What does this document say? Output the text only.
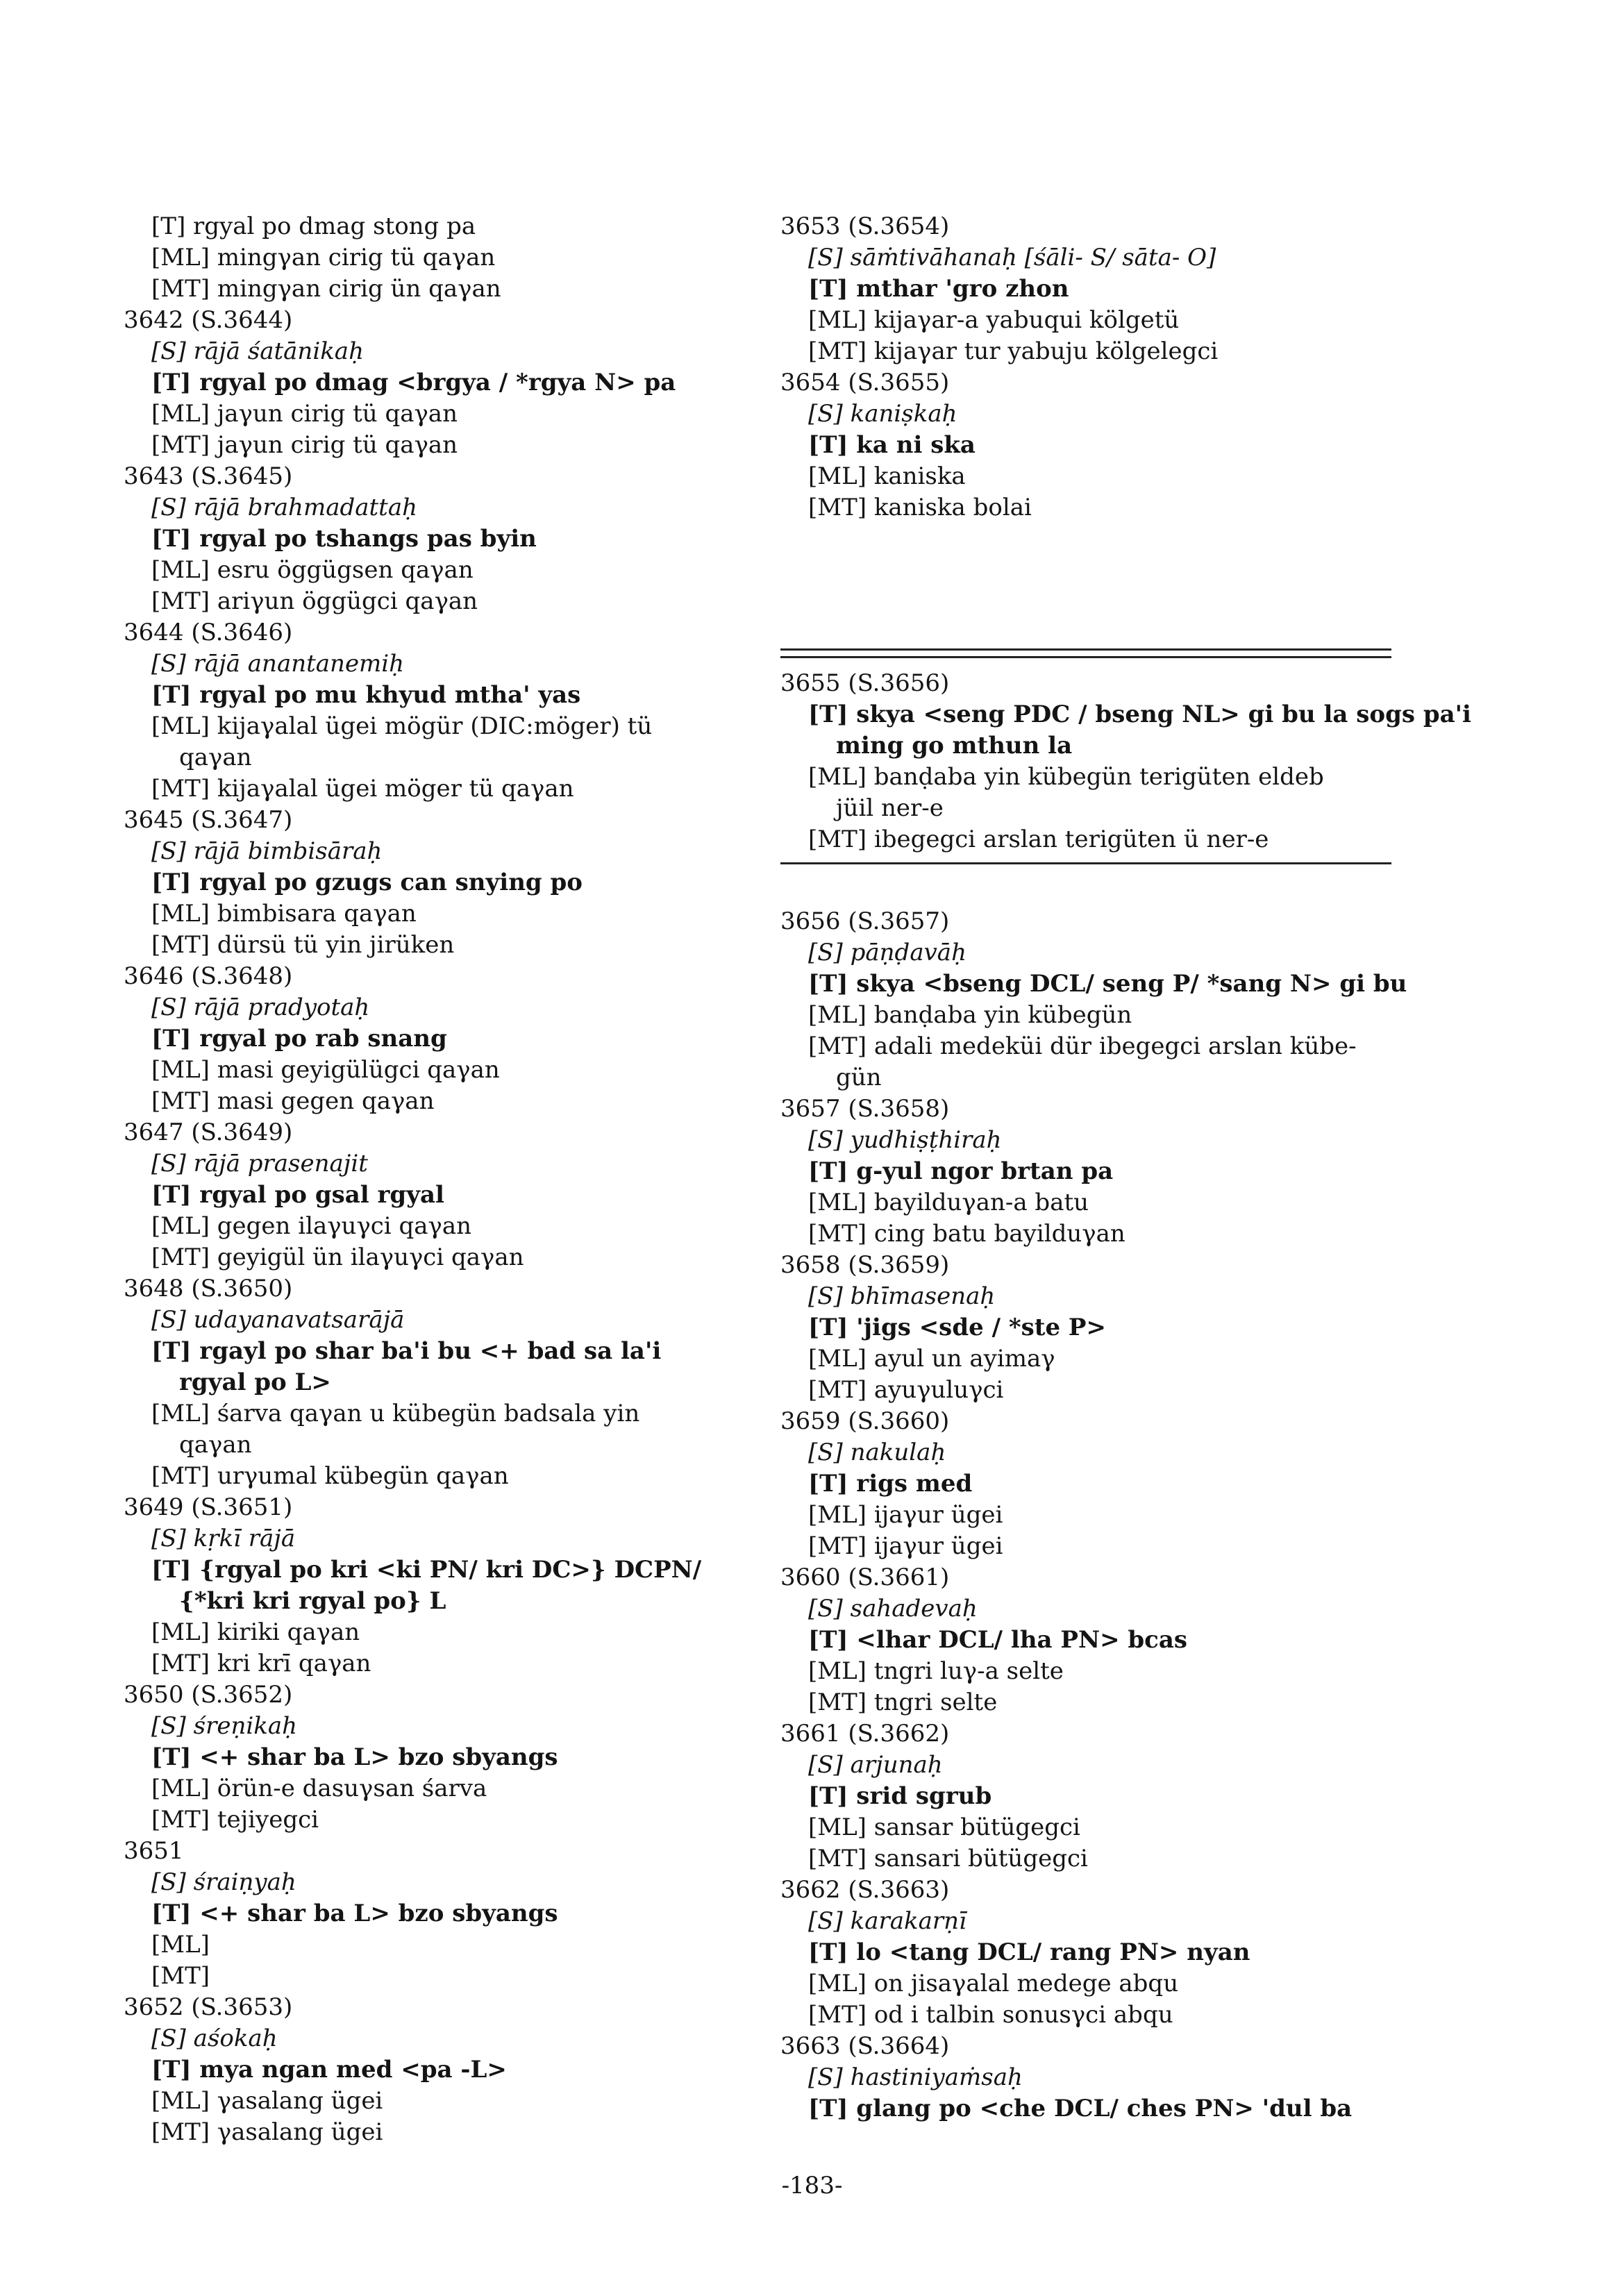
[T] rgyal po dmag stong pa
[ML] mingγan cirig tü qaγan
[MT] mingγan cirig ün qaγan
3642 (S.3644)
[S] rājā śatānikaḥ
[T] rgyal po dmag <brgya / *rgya N> pa
[ML] jaγun cirig tü qaγan
[MT] jaγun cirig tü qaγan
3643 (S.3645)
[S] rājā brahmadattaḥ
[T] rgyal po tshangs pas byin
[ML] esru öggügsen qaγan
[MT] ariγun öggügci qaγan
3644 (S.3646)
[S] rājā anantanemiḥ
[T] rgyal po mu khyud mtha' yas
[ML] kijaγalal ügei mögür (DIC:möger) tü
qaγan
[MT] kijaγalal ügei möger tü qaγan
3645 (S.3647)
[S] rājā bimbisāraḥ
[T] rgyal po gzugs can snying po
[ML] bimbisara qaγan
[MT] dürsü tü yin jirüken
3646 (S.3648)
[S] rājā pradyotaḥ
[T] rgyal po rab snang
[ML] masi geyigülügci qaγan
[MT] masi gegen qaγan
3647 (S.3649)
[S] rājā prasenajit
[T] rgyal po gsal rgyal
[ML] gegen ilaγuγci qaγan
[MT] geyigül ün ilaγuγci qaγan
3648 (S.3650)
[S] udayanavatsarājā
[T] rgayl po shar ba'i bu <+ bad sa la'i
rgyal po L>
[ML] śarva qaγan u kübegün badsala yin
qaγan
[MT] urγumal kübegün qaγan
3649 (S.3651)
[S] kṛkī rājā
[T] {rgyal po kri <ki PN/ kri DC>} DCPN/
{*kri kri rgyal po} L
[ML] kiriki qaγan
[MT] kri krī qaγan
3650 (S.3652)
[S] śreṇikaḥ
[T] <+ shar ba L> bzo sbyangs
[ML] örün-e dasuγsan śarva
[MT] tejiyegci
3651
[S] śraiṇyaḥ
[T] <+ shar ba L> bzo sbyangs
[ML]
[MT]
3652 (S.3653)
[S] aśokaḥ
[T] mya ngan med <pa -L>
[ML] γasalang ügei
[MT] γasalang ügei
3653 (S.3654)
[S] sāṁtivāhanaḥ [śāli- S/ sāta- O]
[T] mthar 'gro zhon
[ML] kijaγar-a yabuqui kölgetü
[MT] kijaγar tur yabuju kölgelegci
3654 (S.3655)
[S] kaniṣkaḥ
[T] ka ni ska
[ML] kaniska
[MT] kaniska bolai
3655 (S.3656)
[T] skya <seng PDC / bseng NL> gi bu la sogs pa'i
ming go mthun la
[ML] banḍaba yin kübegün terigüten eldeb
jüil ner-e
[MT] ibegegci arslan terigüten ü ner-e
3656 (S.3657)
[S] pāṇḍavāḥ
[T] skya <bseng DCL/ seng P/ *sang N> gi bu
[ML] banḍaba yin kübegün
[MT] adali medeküi dür ibegegci arslan kübe-
gün
3657 (S.3658)
[S] yudhiṣṭhiraḥ
[T] g-yul ngor brtan pa
[ML] bayilduγan-a batu
[MT] cing batu bayilduγan
3658 (S.3659)
[S] bhīmasenaḥ
[T] 'jigs <sde / *ste P>
[ML] ayul un ayimaγ
[MT] ayuγuluγci
3659 (S.3660)
[S] nakulaḥ
[T] rigs med
[ML] ijaγur ügei
[MT] ijaγur ügei
3660 (S.3661)
[S] sahadevaḥ
[T] <lhar DCL/ lha PN> bcas
[ML] tngri luγ-a selte
[MT] tngri selte
3661 (S.3662)
[S] arjunaḥ
[T] srid sgrub
[ML] sansar bütügegci
[MT] sansari bütügegci
3662 (S.3663)
[S] karakarṇī
[T] lo <tang DCL/ rang PN> nyan
[ML] on jisaγalal medege abqu
[MT] od i talbin sonusγci abqu
3663 (S.3664)
[S] hastiniyaṁsaḥ
[T] glang po <che DCL/ ches PN> 'dul ba
-183-
